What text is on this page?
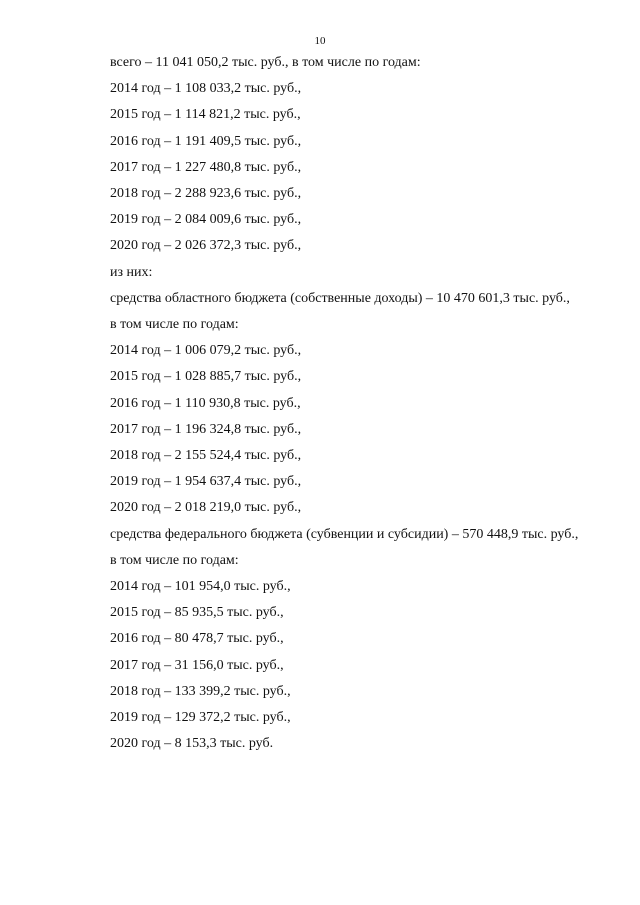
10

всего – 11 041 050,2 тыс. руб., в том числе по годам:

2014 год – 1 108 033,2 тыс. руб.,

2015 год – 1 114 821,2 тыс. руб.,

2016 год – 1 191 409,5 тыс. руб.,

2017 год – 1 227 480,8 тыс. руб.,

2018 год – 2 288 923,6 тыс. руб.,

2019 год – 2 084 009,6 тыс. руб.,

2020 год – 2 026 372,3 тыс. руб.,

из них:

средства областного бюджета (собственные доходы) – 10 470 601,3 тыс. руб.,

в том числе по годам:

2014 год – 1 006 079,2 тыс. руб.,

2015 год – 1 028 885,7 тыс. руб.,

2016 год – 1 110 930,8 тыс. руб.,

2017 год – 1 196 324,8 тыс. руб.,

2018 год – 2 155 524,4 тыс. руб.,

2019 год – 1 954 637,4 тыс. руб.,

2020 год – 2 018 219,0 тыс. руб.,

средства федерального бюджета (субвенции и субсидии) – 570 448,9 тыс. руб.,

в том числе по годам:

2014 год – 101 954,0 тыс. руб.,

2015 год – 85 935,5 тыс. руб.,

2016 год – 80 478,7 тыс. руб.,

2017 год – 31 156,0 тыс. руб.,

2018 год – 133 399,2 тыс. руб.,

2019 год – 129 372,2 тыс. руб.,

2020 год – 8 153,3 тыс. руб.
